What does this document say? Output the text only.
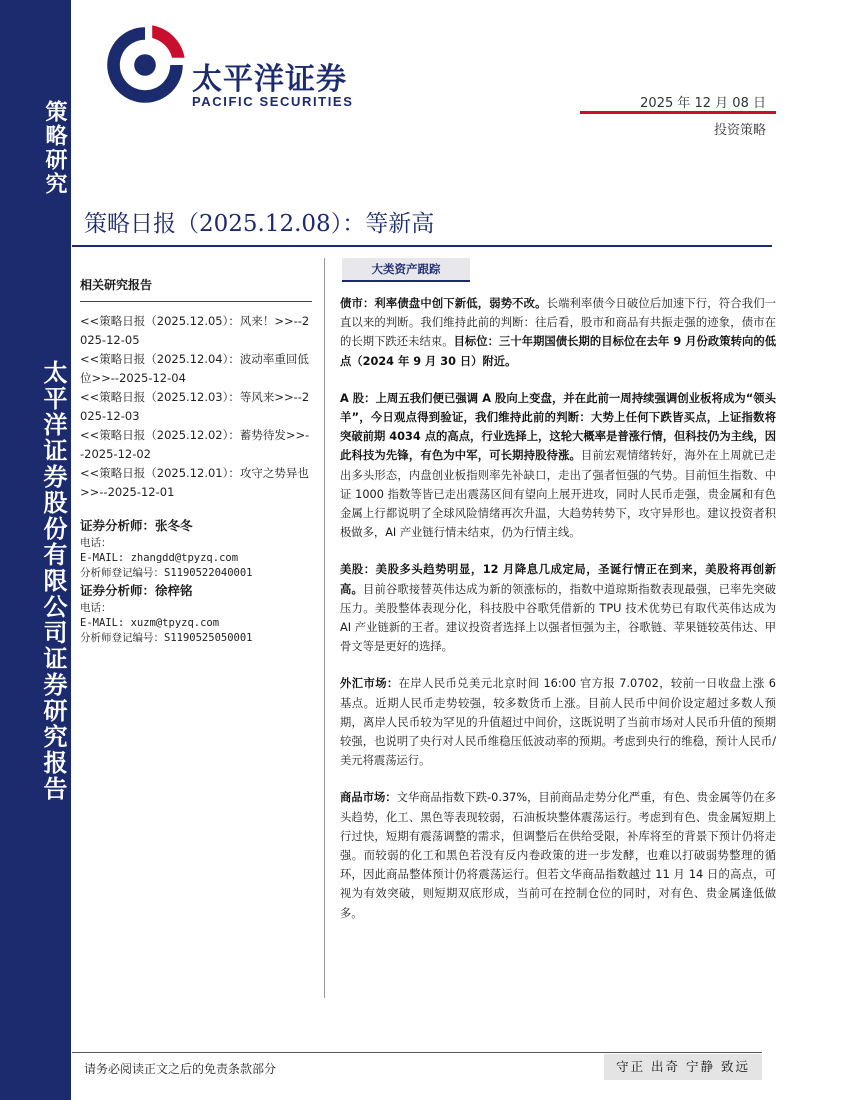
策略研究
太平洋证券股份有限公司证券研究报告
太平洋证券
PACIFIC SECURITIES	2025 年 12 月 08 日
投资策略
策略日报（2025.12.08）：等新高
相关研究报告
<<策略日报（2025.12.05）：风来！>>--2025-12-05
<<策略日报（2025.12.04）：波动率重回低位>>--2025-12-04
<<策略日报（2025.12.03）：等风来>>--2025-12-03
<<策略日报（2025.12.02）：蓄势待发>>--2025-12-02
<<策略日报（2025.12.01）：攻守之势异也>>--2025-12-01
证券分析师：张冬冬
电话：
E-MAIL: zhangdd@tpyzq.com
分析师登记编号：S1190522040001
证券分析师：徐梓铭
电话：
E-MAIL: xuzm@tpyzq.com
分析师登记编号：S1190525050001
大类资产跟踪

债市：利率债盘中创下新低，弱势不改。长端利率债今日破位后加速下行，符合我们一直以来的判断。我们维持此前的判断：往后看，股市和商品有共振走强的迹象，债市在的长期下跌还未结束。目标位：三十年期国债长期的目标位在去年 9 月份政策转向的低点（2024 年 9 月 30 日）附近。

A 股：上周五我们便已强调 A 股向上变盘，并在此前一周持续强调创业板将成为“领头羊”，今日观点得到验证，我们维持此前的判断：大势上任何下跌皆买点，上证指数将突破前期 4034 点的高点，行业选择上，这轮大概率是普涨行情，但科技仍为主线，因此科技为先锋，有色为中军，可长期持股待涨。目前宏观情绪转好，海外在上周就已走出多头形态，内盘创业板指则率先补缺口，走出了强者恒强的气势。目前恒生指数、中证 1000 指数等皆已走出震荡区间有望向上展开进攻，同时人民币走强，贵金属和有色金属上行都说明了全球风险情绪再次升温，大趋势转势下，攻守异形也。建议投资者积极做多，AI 产业链行情未结束，仍为行情主线。

美股：美股多头趋势明显，12 月降息几成定局，圣诞行情正在到来，美股将再创新高。目前谷歌接替英伟达成为新的领涨标的，指数中道琼斯指数表现最强，已率先突破压力。美股整体表现分化，科技股中谷歌凭借新的 TPU 技术优势已有取代英伟达成为 AI 产业链新的王者。建议投资者选择上以强者恒强为主，谷歌链、苹果链较英伟达、甲骨文等是更好的选择。

外汇市场：在岸人民币兑美元北京时间 16:00 官方报 7.0702，较前一日收盘上涨 6 基点。近期人民币走势较强，较多数货币上涨。目前人民币中间价设定超过多数人预期，离岸人民币较为罕见的升值超过中间价，这既说明了当前市场对人民币升值的预期较强，也说明了央行对人民币维稳压低波动率的预期。考虑到央行的维稳，预计人民币/美元将震荡运行。

商品市场：文华商品指数下跌-0.37%，目前商品走势分化严重，有色、贵金属等仍在多头趋势，化工、黑色等表现较弱，石油板块整体震荡运行。考虑到有色、贵金属短期上行过快，短期有震荡调整的需求，但调整后在供给受限，补库将至的背景下预计仍将走强。而较弱的化工和黑色若没有反内卷政策的进一步发酵，也难以打破弱势整理的循环，因此商品整体预计仍将震荡运行。但若文华商品指数越过 11 月 14 日的高点，可视为有效突破，则短期双底形成，当前可在控制仓位的同时，对有色、贵金属逢低做多。

请务必阅读正文之后的免责条款部分	守正 出奇 宁静 致远
